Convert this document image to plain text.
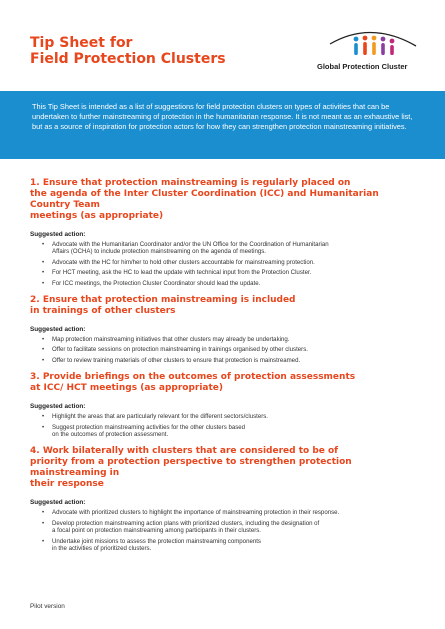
Tip Sheet for
Field Protection Clusters	Global Protection Cluster
This Tip Sheet is intended as a list of suggestions for field protection clusters on types of activities that can be undertaken to further mainstreaming of protection in the humanitarian response. It is not meant as an exhaustive list, but as a source of inspiration for protection actors for how they can strengthen protection mainstreaming initiatives.
1. Ensure that protection mainstreaming is regularly placed on
the agenda of the Inter Cluster Coordination (ICC) and Humanitarian Country Team
meetings (as appropriate)
Suggested action:
• Advocate with the Humanitarian Coordinator and/or the UN Office for the Coordination of Humanitarian
Affairs (OCHA) to include protection mainstreaming on the agenda of meetings.
• Advocate with the HC for him/her to hold other clusters accountable for mainstreaming protection.
• For HCT meeting, ask the HC to lead the update with technical input from the Protection Cluster.
• For ICC meetings, the Protection Cluster Coordinator should lead the update.
2. Ensure that protection mainstreaming is included
in trainings of other clusters
Suggested action:
• Map protection mainstreaming initiatives that other clusters may already be undertaking.
• Offer to facilitate sessions on protection mainstreaming in trainings organised by other clusters.
• Offer to review training materials of other clusters to ensure that protection is mainstreamed.
3. Provide briefings on the outcomes of protection assessments
at ICC/ HCT meetings (as appropriate)
Suggested action:
• Highlight the areas that are particularly relevant for the different sectors/clusters.
• Suggest protection mainstreaming activities for the other clusters based
on the outcomes of protection assessment.
4. Work bilaterally with clusters that are considered to be of
priority from a protection perspective to strengthen protection mainstreaming in
their response
Suggested action:
• Advocate with prioritized clusters to highlight the importance of mainstreaming protection in their response.
• Develop protection mainstreaming action plans with prioritized clusters, including the designation of
a focal point on protection mainstreaming among participants in their clusters.
• Undertake joint missions to assess the protection mainstreaming components
in the activities of prioritized clusters.
Pilot version
